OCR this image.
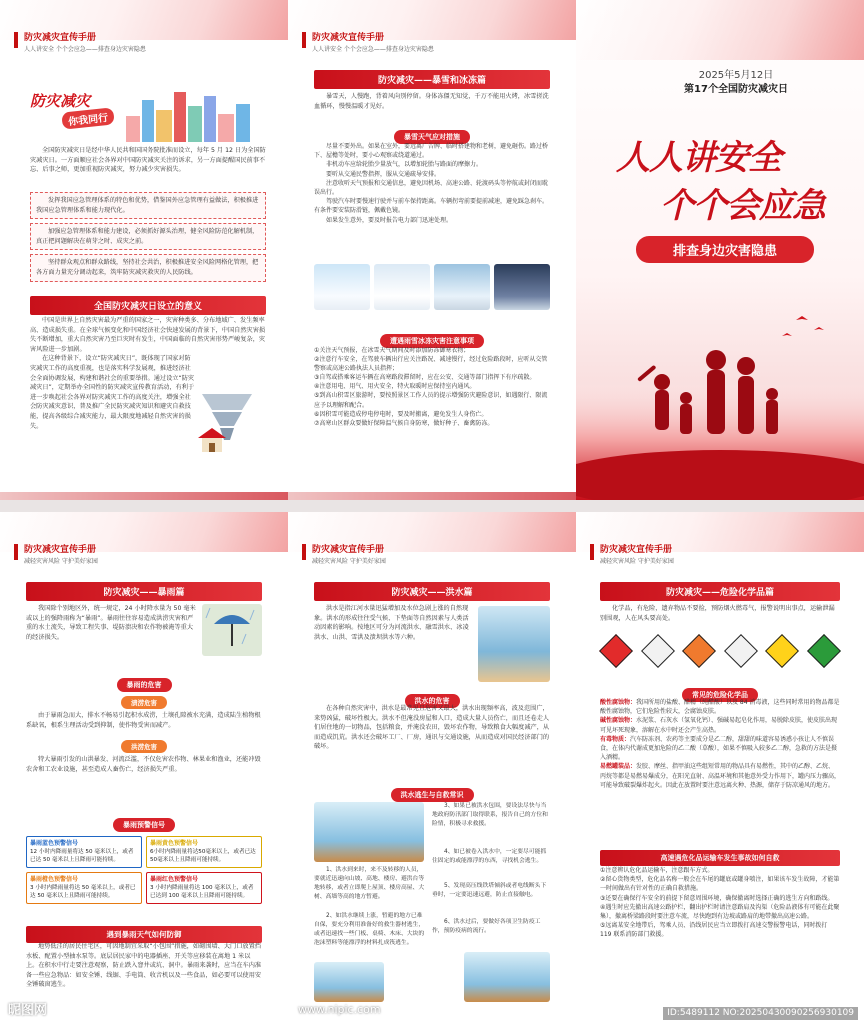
防灾减灾宣传手册
人人讲安全 个个会应急——排查身边灾害隐患
防灾减灾
你我同行

全国防灾减灾日是经中华人民共和国国务院批准而设立，每年 5 月 12 日为全国防灾减灾日。一方面顺应社会各界对中国防灾减灾关注的诉求，另一方面提醒国民前事不忘、后事之师，更加重视防灾减灾，努力减少灾害损失。

发挥我国应急管理体系的特色和优势，借鉴国外应急管理有益做法，积极推进我国应急管理体系和能力现代化。

加强应急管理体系和能力建设，必须抓好源头治理，健全风险防范化解机制，真正把问题解决在萌芽之时、成灾之前。

坚持群众观点和群众路线，坚持社会共治，积极推进安全风险网格化管理，把各方面力量充分调动起来，筑牢防灾减灾救灾的人民防线。

全国防灾减灾日设立的意义

中国是世界上自然灾害最为严重的国家之一，灾害种类多、分布地域广、发生频率高、造成损失重。在全球气候变化和中国经济社会快速发展的背景下，中国自然灾害损失不断增加，重大自然灾害乃至巨灾时有发生，中国面临的自然灾害形势严峻复杂，灾害风险进一步加剧。

在这种背景下，设立“防灾减灾日”，既体现了国家对防灾减灾工作的高度重视，也是落实科学发展观，推进经济社会全面协调发展，构建和谐社会的重要举措。通过设立“防灾减灾日”，定期举办全国性的防灾减灾宣传教育活动，有利于进一步唤起社会各界对防灾减灾工作的高度关注，增强全社会防灾减灾意识，普及推广全民防灾减灾知识和避灾自救技能，提高各级综合减灾能力，最大限度地减轻自然灾害的损失。

防灾减灾宣传手册
人人讲安全 个个会应急——排查身边灾害隐患
防灾减灾——暴雪和冰冻篇

暴雪天，人慢跑，背着风向别停留。身体冻僵无知觉，千万不能用火烤，冰雪搓洗血循环，慢慢温暖才见好。

暴雪天气应对措施

尽量不要外出。如果在室外，要远离广告牌、临时搭建物和老树，避免砸伤。路过桥下、屋檐等处时，要小心观察或绕道通过。

非机动车应给轮胎少量放气，以增加轮胎与路面的摩擦力。

要听从交通民警指挥，服从交通疏导安排。

注意收听天气预报和交通信息，避免因机场、高速公路、轮渡码头等停航或封闭而耽误出行。

驾驶汽车时要慢速行驶并与前车保持距离。车辆拐弯前要提前减速，避免踩急刹车。有条件要安装防滑链，佩戴色镜。

如果发生意外，要及时报告电力部门迅速处理。

遭遇雨雪冰冻灾害注意事项

①关注天气预报，在冰雪天气期间及时添加防冻御寒衣物；

②注意行车安全，在驾驶车辆出行应关注路况、减速慢行，经过危险路段时，应听从交管警察或高速公路执法人员指挥；

③自驾或搭乘客运车辆在高寒路段滞留时，应在公安、交通等部门指挥下有序疏散。

④注意用电、用气、用火安全，特火取暖时应保持室内通风。

⑤到高山积雪区旅游时，要按照景区工作人员的提示增强防灾避险意识，如遇限行、限流应予以理解和配合。

⑥因积雪可能造成停电停电时，要及时搬离，避免发生人身伤亡。

⑦高寒山区群众要做好保障温气候自身防寒，做好种子、畜禽防冻。

2025年5月12日
第17个全国防灾减灾日
人人讲安全
个个会应急
排查身边灾害隐患
防灾减灾宣传手册
减轻灾害风险 守护美好家园
防灾减灾——暴雨篇

我国除个别地区外，统一规定，24 小时降水量为 50 毫米或以上的强降雨称为“暴雨”。暴雨往往容易造成洪涝灾害和严重的水土流失，导致工程失事、堤防溃决和农作物被淹等重大的经济损失。

暴雨的危害
渍涝危害

由于暴雨急而大，排水不畅易引起积水成涝，土壤孔隙被水充满，造成陆生植物根系缺氧，根系生理活动受到抑制，使作物受害而减产。

洪涝危害

特大暴雨引发的山洪暴发、河流泛滥，不仅危害农作物、林果业和渔业，还能冲毁农舍和工农业设施，甚至造成人畜伤亡，经济损失严重。

暴雨预警信号
暴雨蓝色预警信号
12 小时内降雨量将达 50 毫米以上，或者已达 50 毫米以上且降雨可能持续。
暴雨黄色预警信号
6小时内降雨量将达50毫米以上，或者已达50毫米以上且降雨可能持续。
暴雨橙色预警信号
3 小时内降雨量将达 50 毫米以上，或者已达 50 毫米以上且降雨可能持续。
暴雨红色预警信号
3 小时内降雨量将达 100 毫米以上，或者已达到 100 毫米以上且降雨可能持续。
遇到暴雨天气如何防御

地势低洼的居民住宅区，可因地制宜采取“小包围”措施，如砌围墙、大门口放置挡水板、配置小型抽水泵等。底层居民家中的电器插座、开关等应移装在离地 1 米以上。在积水中行走要注意观察，防止跌入窨井或坑、洞中。暴雨来袭时，应当在车内准备一些应急物品：如安全锤、线锯、手电筒、收音机以及一些食品，如必要可以使用安全锤破窗逃生。

昵图网
防灾减灾宣传手册
减轻灾害风险 守护美好家园
防灾减灾——洪水篇

洪水是指江河水量迅猛增加及水位急剧上涨的自然现象。洪水的形成往往受气候、下垫面等自然因素与人类活动因素的影响。按地区可分为河流洪水、融雪洪水、冰凌洪水、山洪、雪洪及溃坝洪水等六种。

洪水的危害

在各种自然灾害中，洪水是最常见且危害又最大，洪水出现频率高，波及范围广，来势凶猛，破坏性极大。洪水不但淹没房屋和人口，造成大量人员伤亡，而且还卷走人们居住地的一切物品，包括粮食，并淹没农田，毁坏农作物，导致粮食大幅度减产，从而造成饥荒。洪水还会破坏工厂、厂房，通讯与交通设施，从而造成对国民经济部门的破坏。

洪水逃生与自救常识

1、洪水到来时，来不及转移的人员，要就近迅速向山坡、高地、楼房、避洪台等地转移，或者立即爬上屋顶、楼房高屋、大树、高墙等高的地方暂避。

2、如洪水继续上涨，暂避的地方已难自保，要充分利用准备好的救生器材逃生，或者迅速找一些门板、桌椅、木床、大块的泡沫塑料等能漂浮的材料扎成筏逃生。

3、如果已被洪水包围，要设法尽快与当地政府防汛部门取得联系，报告自己的方位和险情，积极寻求救援。

4、如已被卷入洪水中，一定要尽可能抓住固定的或能漂浮的东西，寻找机会逃生。

5、发现高压线铁塔倾斜或者电线断头下垂时，一定要迅速远避，防止直接触电。

6、洪水过后，要做好各项卫生防疫工作，预防疫病的流行。

www.nipic.com
防灾减灾宣传手册
减轻灾害风险 守护美好家园
防灾减灾——危险化学品篇

化学品，有危险，遗弃物品不要捡，预防烟火燃毒气，报警说明出事点，运输泄漏别围观，人在风头要高处。

常见的危险化学品

酸性腐蚀物：我国所用的盐酸、醋精（纯醋酸）以及 84 消毒液，这些同时常用的物品都是酸性腐蚀物，它们危险性较大，会腐蚀皮肤。

碱性腐蚀物：水泥浆、石灰水（氢氧化钙）、强碱易起皂化作用，易脱除皮肤，使皮肤出现可见坏死现象，溶解在水中时还会产生高热。

有毒物质：汽车防冻剂、农药等主要成分是乙二醇，甜甜的味道容易诱惑小孩让人不慎误食，在体内代谢成更加危险的乙二酸（草酸），如果不慎吸入较多乙二醇，急救的方法是摄入酒精。

易燃罐装品：发胶、摩丝、指甲油这些组短常用的物品具有易燃性，其中的乙醇、乙烷、丙烷等都是易燃易爆成分，在阳光直射、高温环境和其他意外受力作用下，罐内压力骤高，可能导致破裂爆炸起火。因此在放置时要注意远离火种、热源，储存于防凉通风的地方。

高速遇危化品运输车发生事故如何自救

①注意辨认危化品运输车，注意跟车方式。

②留心货物类型，危化品名称一般会在车尾的罐底或罐身喷注，如果该车发生故障，才能第一时间做出有针对性的正确自救措施。

③还要在确保行车安全的前提下留意周围环境，确保撤离时选择正确的逃生方向和路线。

④遇生时应先撤出高速公路护栏，翻出护栏时请注意路肩及沟渠（危险品液体有可能在此聚集），撤离桥梁路段时要注意车流，尽快跑到有边坡或路肩的地带撤出高速公路。

⑤远离某安全地带后，驾乘人员、沿线居民应当立即拨打高速交警报警电话，同时拨打 119 联系消防部门救援。

ID:5489112 NO:20250430090256930109
